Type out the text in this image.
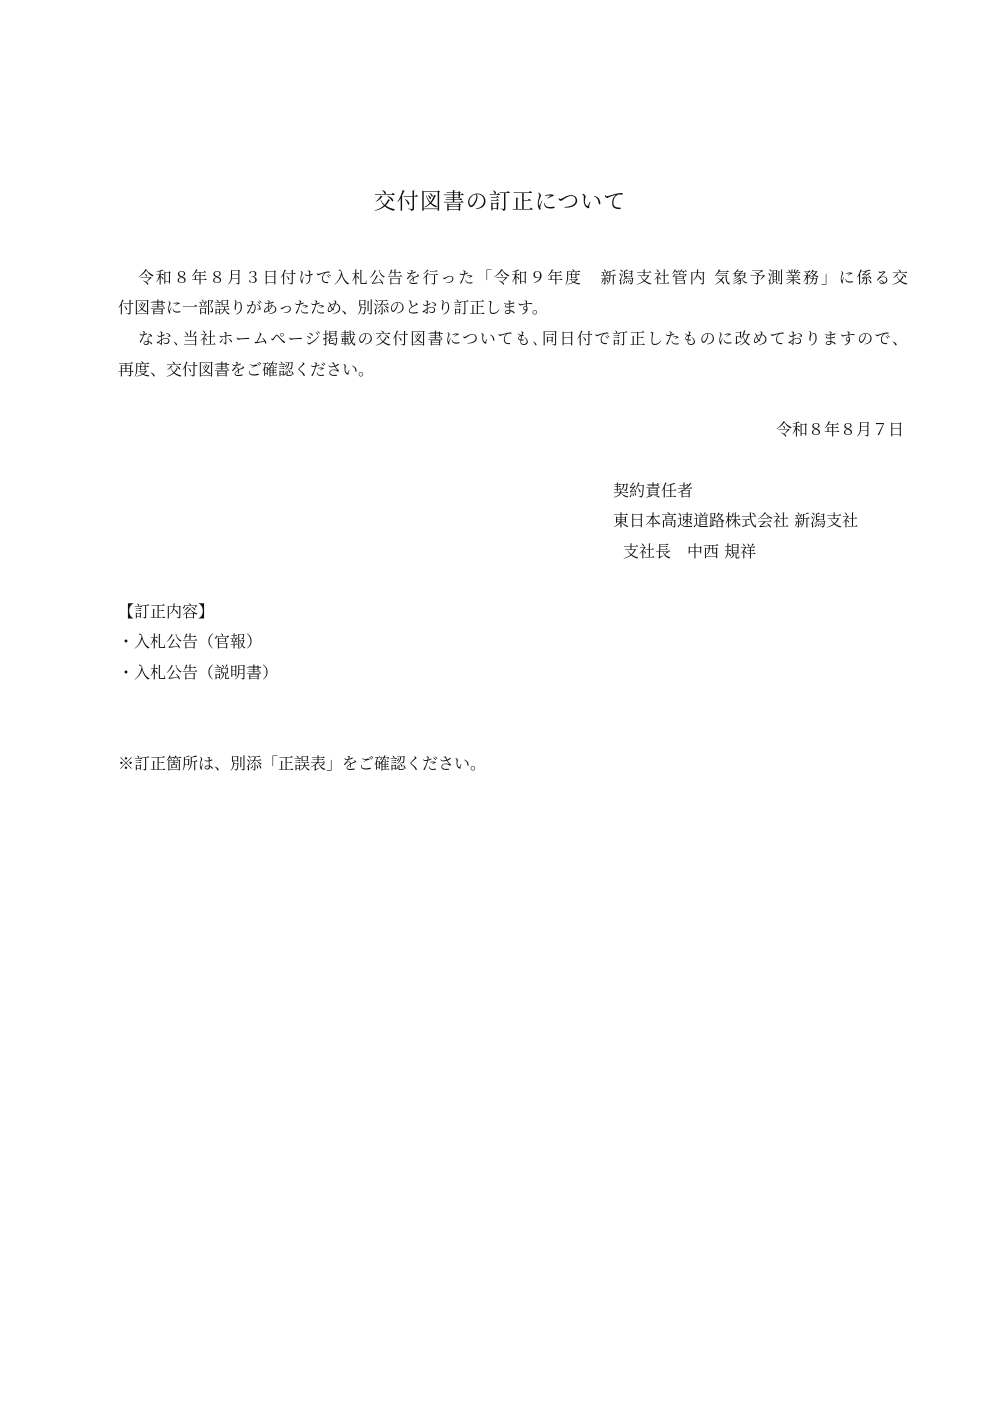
交付図書の訂正について
令和８年８月３日付けで入札公告を行った「令和９年度　新潟支社管内 気象予測業務」に係る交
付図書に一部誤りがあったため、別添のとおり訂正します。
なお､当社ホームページ掲載の交付図書についても､同日付で訂正したものに改めておりますので、
再度、交付図書をご確認ください。
令和８年８月７日
契約責任者
東日本高速道路株式会社 新潟支社
支社長　中西 規祥
【訂正内容】
・入札公告（官報）
・入札公告（説明書）
※訂正箇所は、別添「正誤表」をご確認ください。
